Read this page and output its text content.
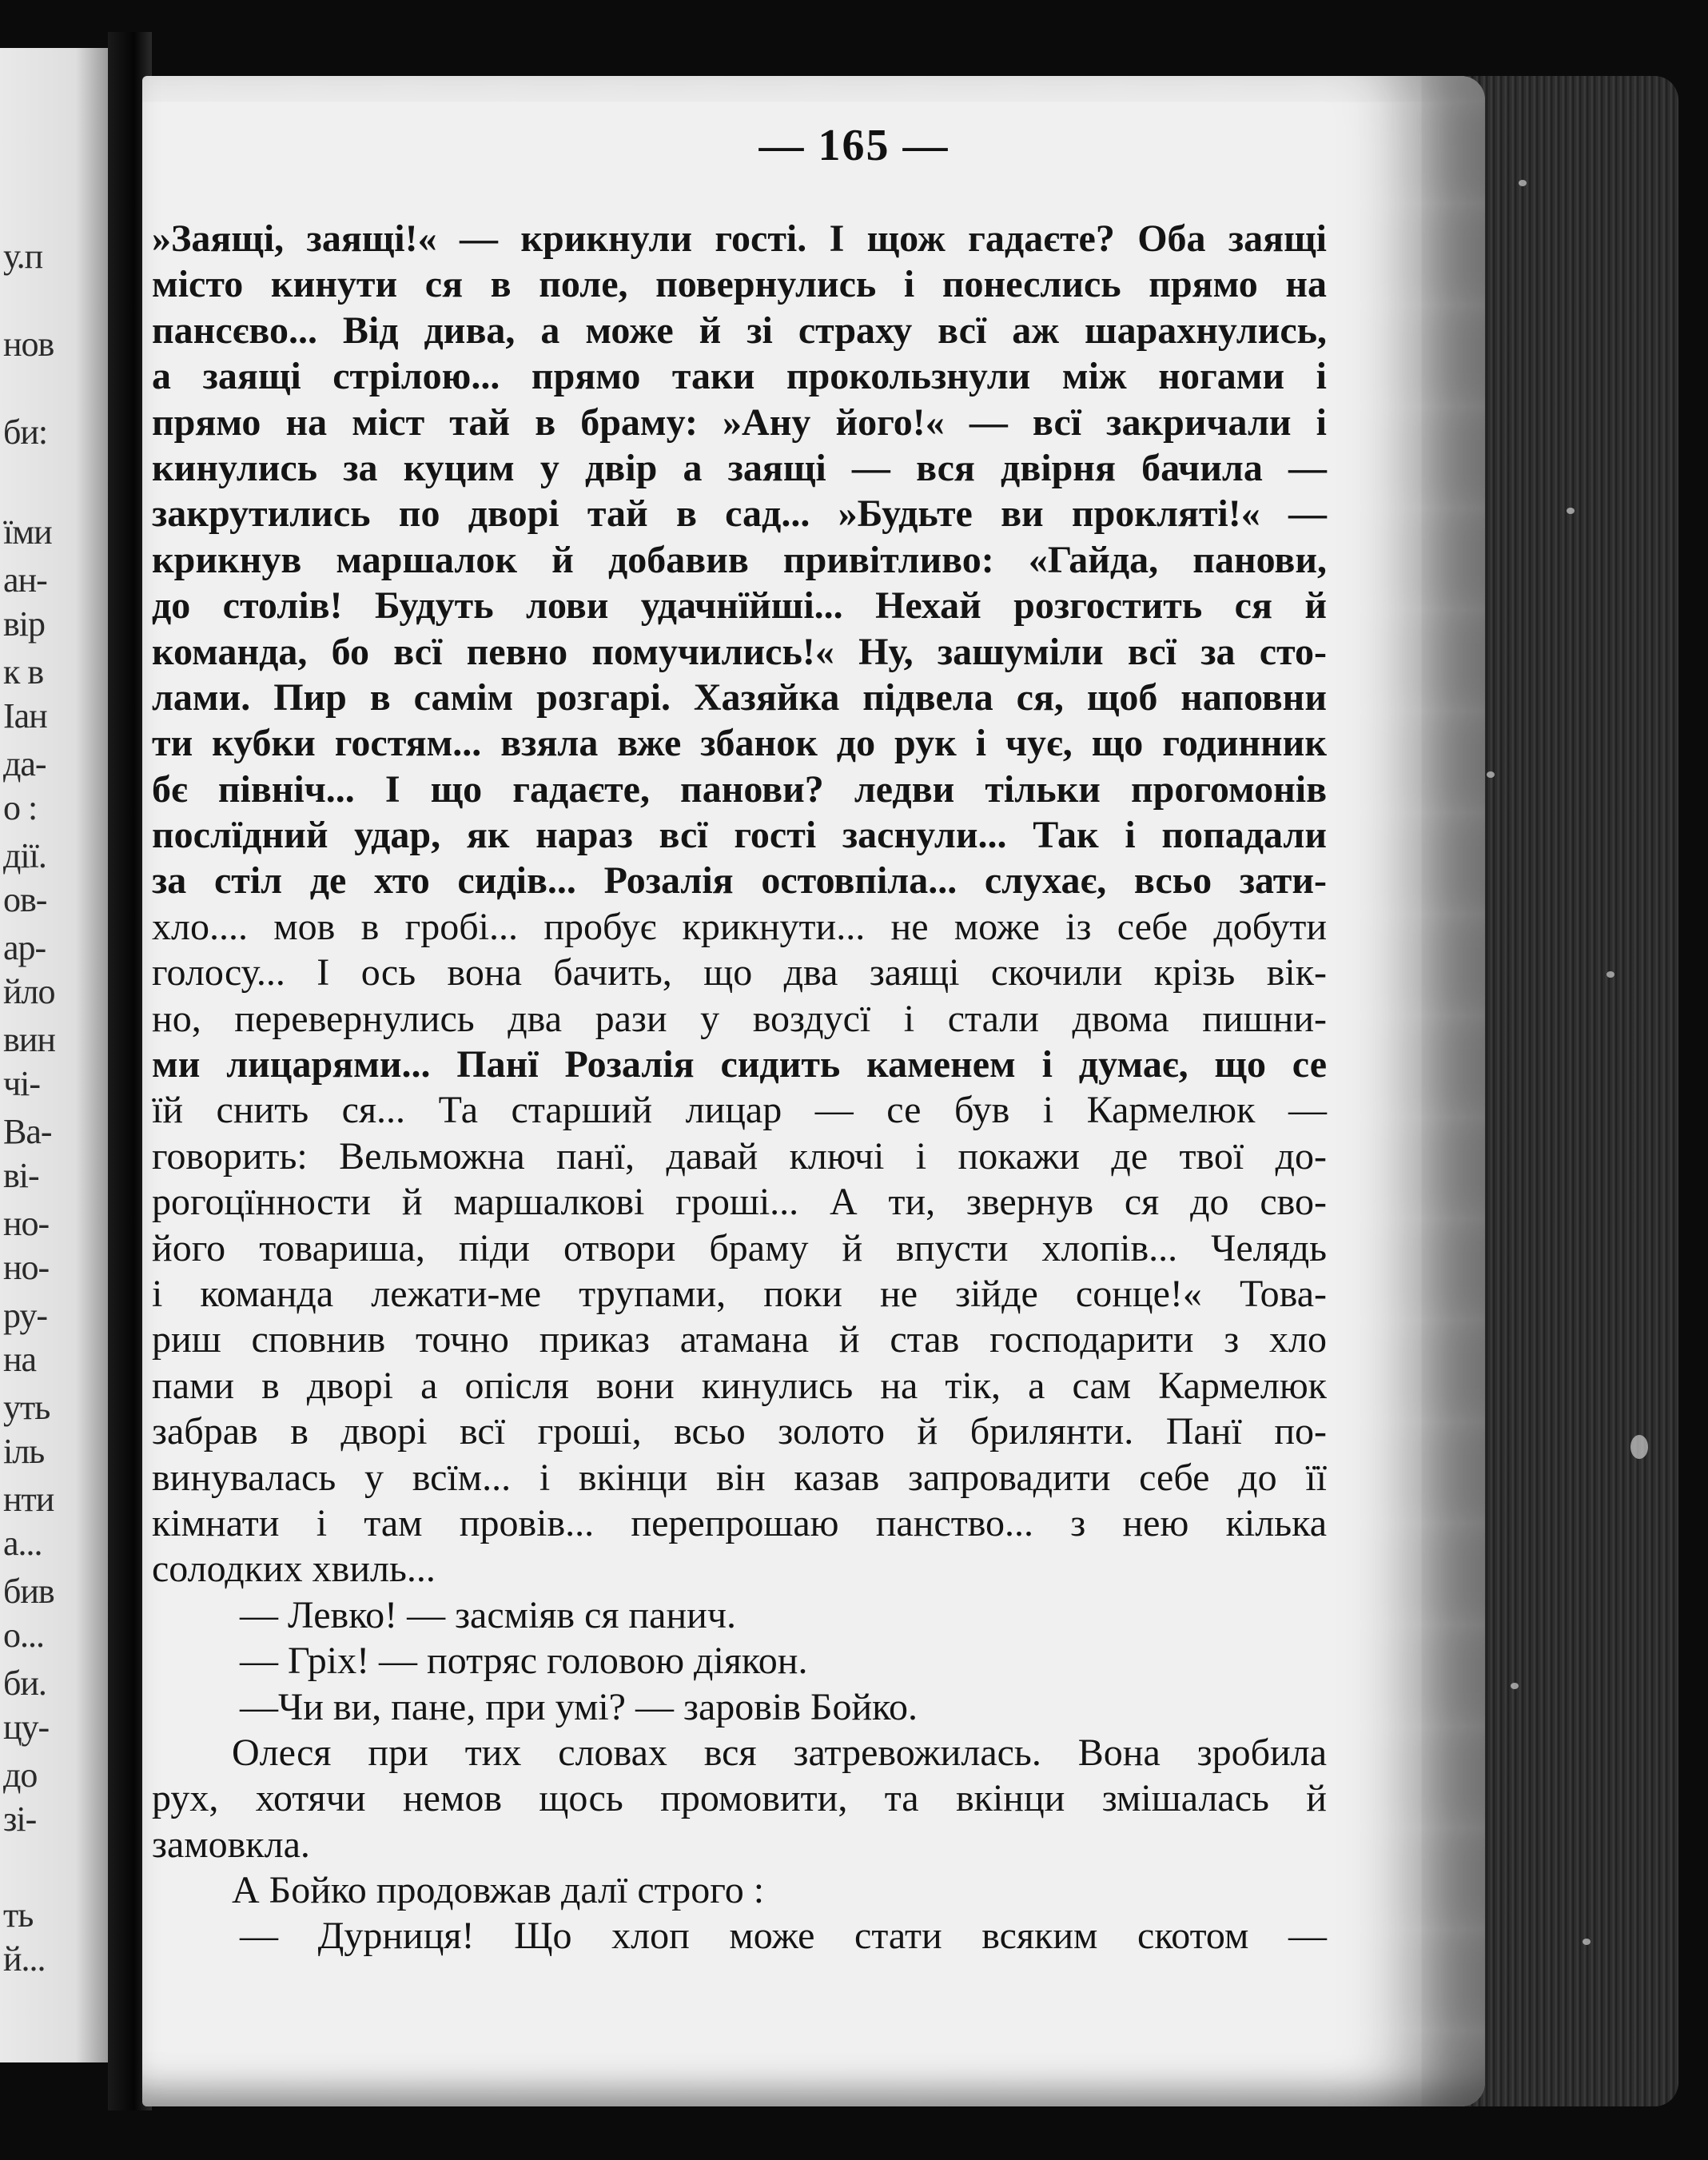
у.п
нов
би:
їми
ан-
вір
к в
Іан
да-
о :
дії.
ов-
ар-
йло
вин
чі-
Ва-
ві-
но-
но-
ру-
на
уть
іль
нти
а...
бив
о...
би.
цу-
до
зі-
ть
й...
— 165 —
»Заящі, заящі!« — крикнули гості. І щож гадаєте? Оба заящі
місто кинути ся в поле, повернулись і понеслись прямо на
пансєво... Від дива, а може й зі страху всї аж шарахнулись,
а заящі стрілою... прямо таки прокользнули між ногами і
прямо на міст тай в браму: »Ану його!« — всї закричали і
кинулись за куцим у двір а заящі — вся двірня бачила —
закрутились по дворі тай в сад... »Будьте ви прокляті!« —
крикнув маршалок й добавив привітливо: «Гайда, панови,
до столів! Будуть лови удачнїйші... Нехай розгостить ся й
команда, бо всї певно помучились!« Ну, зашуміли всї за сто-
лами. Пир в самім розгарі. Хазяйка підвела ся, щоб наповни
ти кубки гостям... взяла вже збанок до рук і чує, що годинник
бє північ... І що гадаєте, панови? ледви тільки прогомонів
послїдний удар, як нараз всї гості заснули... Так і попадали
за стіл де хто сидів... Розалія остовпіла... слухає, всьо зати-
хло.... мов в гробі... пробує крикнути... не може із себе добути
голосу... І ось вона бачить, що два заящі скочили крізь вік-
но, перевернулись два рази у воздусї і стали двома пишни-
ми лицарями... Панї Розалія сидить каменем і думає, що се
їй снить ся... Та старший лицар — се був і Кармелюк —
говорить: Вельможна панї, давай ключі і покажи де твої до-
рогоцїнности й маршалкові гроші... А ти, звернув ся до сво-
його товариша, піди отвори браму й впусти хлопів... Челядь
і команда лежати-ме трупами, поки не зійде сонце!« Това-
риш сповнив точно приказ атамана й став господарити з хло
пами в дворі а опісля вони кинулись на тік, а сам Кармелюк
забрав в дворі всї гроші, всьо золото й брилянти. Панї по-
винувалась у всїм... і вкінци він казав запровадити себе до її
кімнати і там провів... перепрошаю панство... з нею кілька
солодких хвиль...
— Левко! — засміяв ся панич.
— Гріх! — потряс головою діякон.
—Чи ви, пане, при умі? — заровів Бойко.
Олеся при тих словах вся затревожилась. Вона зробила
рух, хотячи немов щось промовити, та вкінци змішалась й
замовкла.
А Бойко продовжав далї строго :
— Дурниця! Що хлоп може стати всяким скотом —
